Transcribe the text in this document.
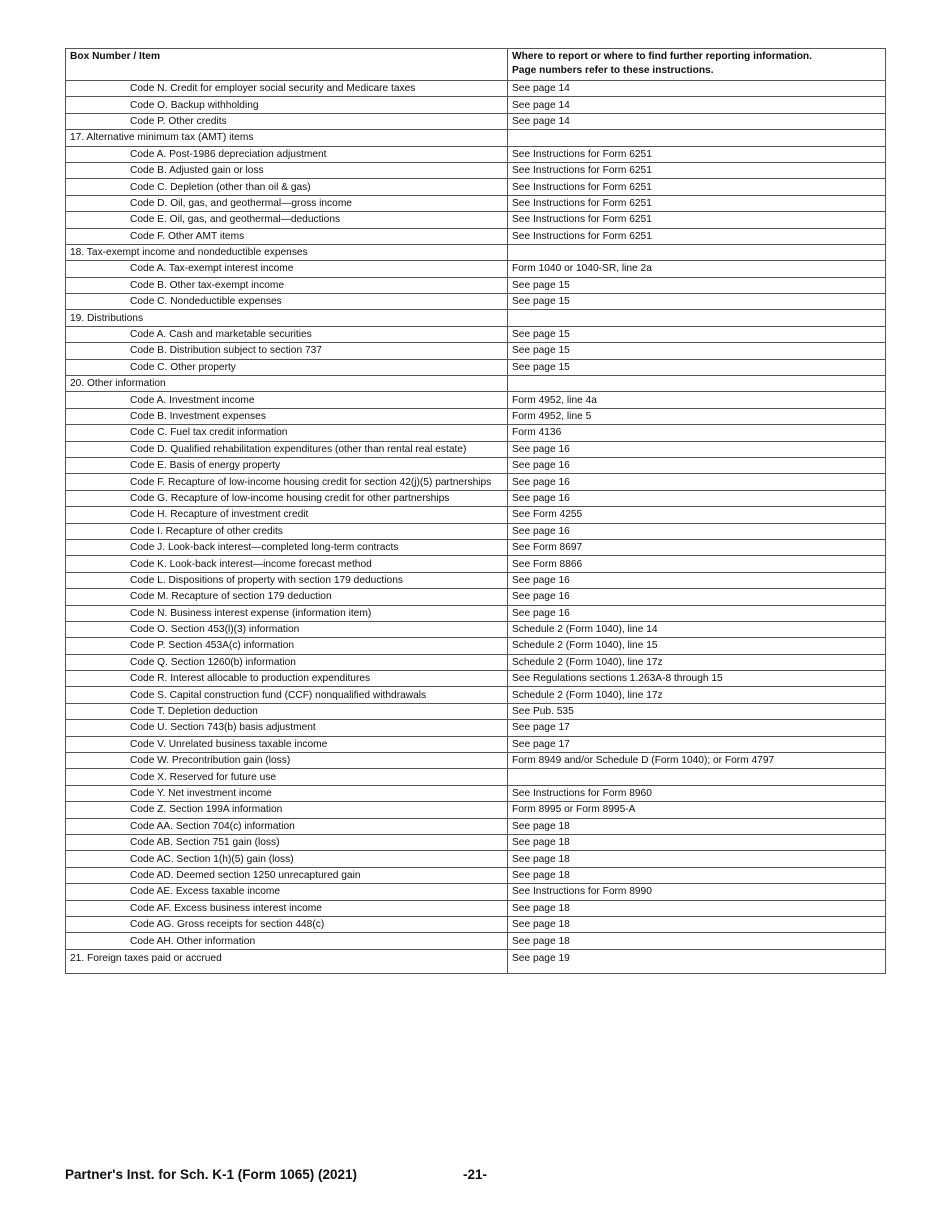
Box Number / Item	Where to report or where to find further reporting information.
Page numbers refer to these instructions.

Code N. Credit for employer social security and Medicare taxes	See page 14
Code O. Backup withholding	See page 14
Code P. Other credits	See page 14
17. Alternative minimum tax (AMT) items	
Code A. Post-1986 depreciation adjustment	See Instructions for Form 6251
Code B. Adjusted gain or loss	See Instructions for Form 6251
Code C. Depletion (other than oil & gas)	See Instructions for Form 6251
Code D. Oil, gas, and geothermal—gross income	See Instructions for Form 6251
Code E. Oil, gas, and geothermal—deductions	See Instructions for Form 6251
Code F. Other AMT items	See Instructions for Form 6251
18. Tax-exempt income and nondeductible expenses	
Code A. Tax-exempt interest income	Form 1040 or 1040-SR, line 2a
Code B. Other tax-exempt income	See page 15
Code C. Nondeductible expenses	See page 15
19. Distributions	
Code A. Cash and marketable securities	See page 15
Code B. Distribution subject to section 737	See page 15
Code C. Other property	See page 15
20. Other information	
Code A. Investment income	Form 4952, line 4a
Code B. Investment expenses	Form 4952, line 5
Code C. Fuel tax credit information	Form 4136
Code D. Qualified rehabilitation expenditures (other than rental real estate)	See page 16
Code E. Basis of energy property	See page 16
Code F. Recapture of low-income housing credit for section 42(j)(5) partnerships	See page 16
Code G. Recapture of low-income housing credit for other partnerships	See page 16
Code H. Recapture of investment credit	See Form 4255
Code I. Recapture of other credits	See page 16
Code J. Look-back interest—completed long-term contracts	See Form 8697
Code K. Look-back interest—income forecast method	See Form 8866
Code L. Dispositions of property with section 179 deductions	See page 16
Code M. Recapture of section 179 deduction	See page 16
Code N. Business interest expense (information item)	See page 16
Code O. Section 453(l)(3) information	Schedule 2 (Form 1040), line 14
Code P. Section 453A(c) information	Schedule 2 (Form 1040), line 15
Code Q. Section 1260(b) information	Schedule 2 (Form 1040), line 17z
Code R. Interest allocable to production expenditures	See Regulations sections 1.263A-8 through 15
Code S. Capital construction fund (CCF) nonqualified withdrawals	Schedule 2 (Form 1040), line 17z
Code T. Depletion deduction	See Pub. 535
Code U. Section 743(b) basis adjustment	See page 17
Code V. Unrelated business taxable income	See page 17
Code W. Precontribution gain (loss)	Form 8949 and/or Schedule D (Form 1040); or Form 4797
Code X. Reserved for future use	
Code Y. Net investment income	See Instructions for Form 8960
Code Z. Section 199A information	Form 8995 or Form 8995-A
Code AA. Section 704(c) information	See page 18
Code AB. Section 751 gain (loss)	See page 18
Code AC. Section 1(h)(5) gain (loss)	See page 18
Code AD. Deemed section 1250 unrecaptured gain	See page 18
Code AE. Excess taxable income	See Instructions for Form 8990
Code AF. Excess business interest income	See page 18
Code AG. Gross receipts for section 448(c)	See page 18
Code AH. Other information	See page 18
21. Foreign taxes paid or accrued	See page 19
Partner's Inst. for Sch. K-1 (Form 1065) (2021)	-21-
